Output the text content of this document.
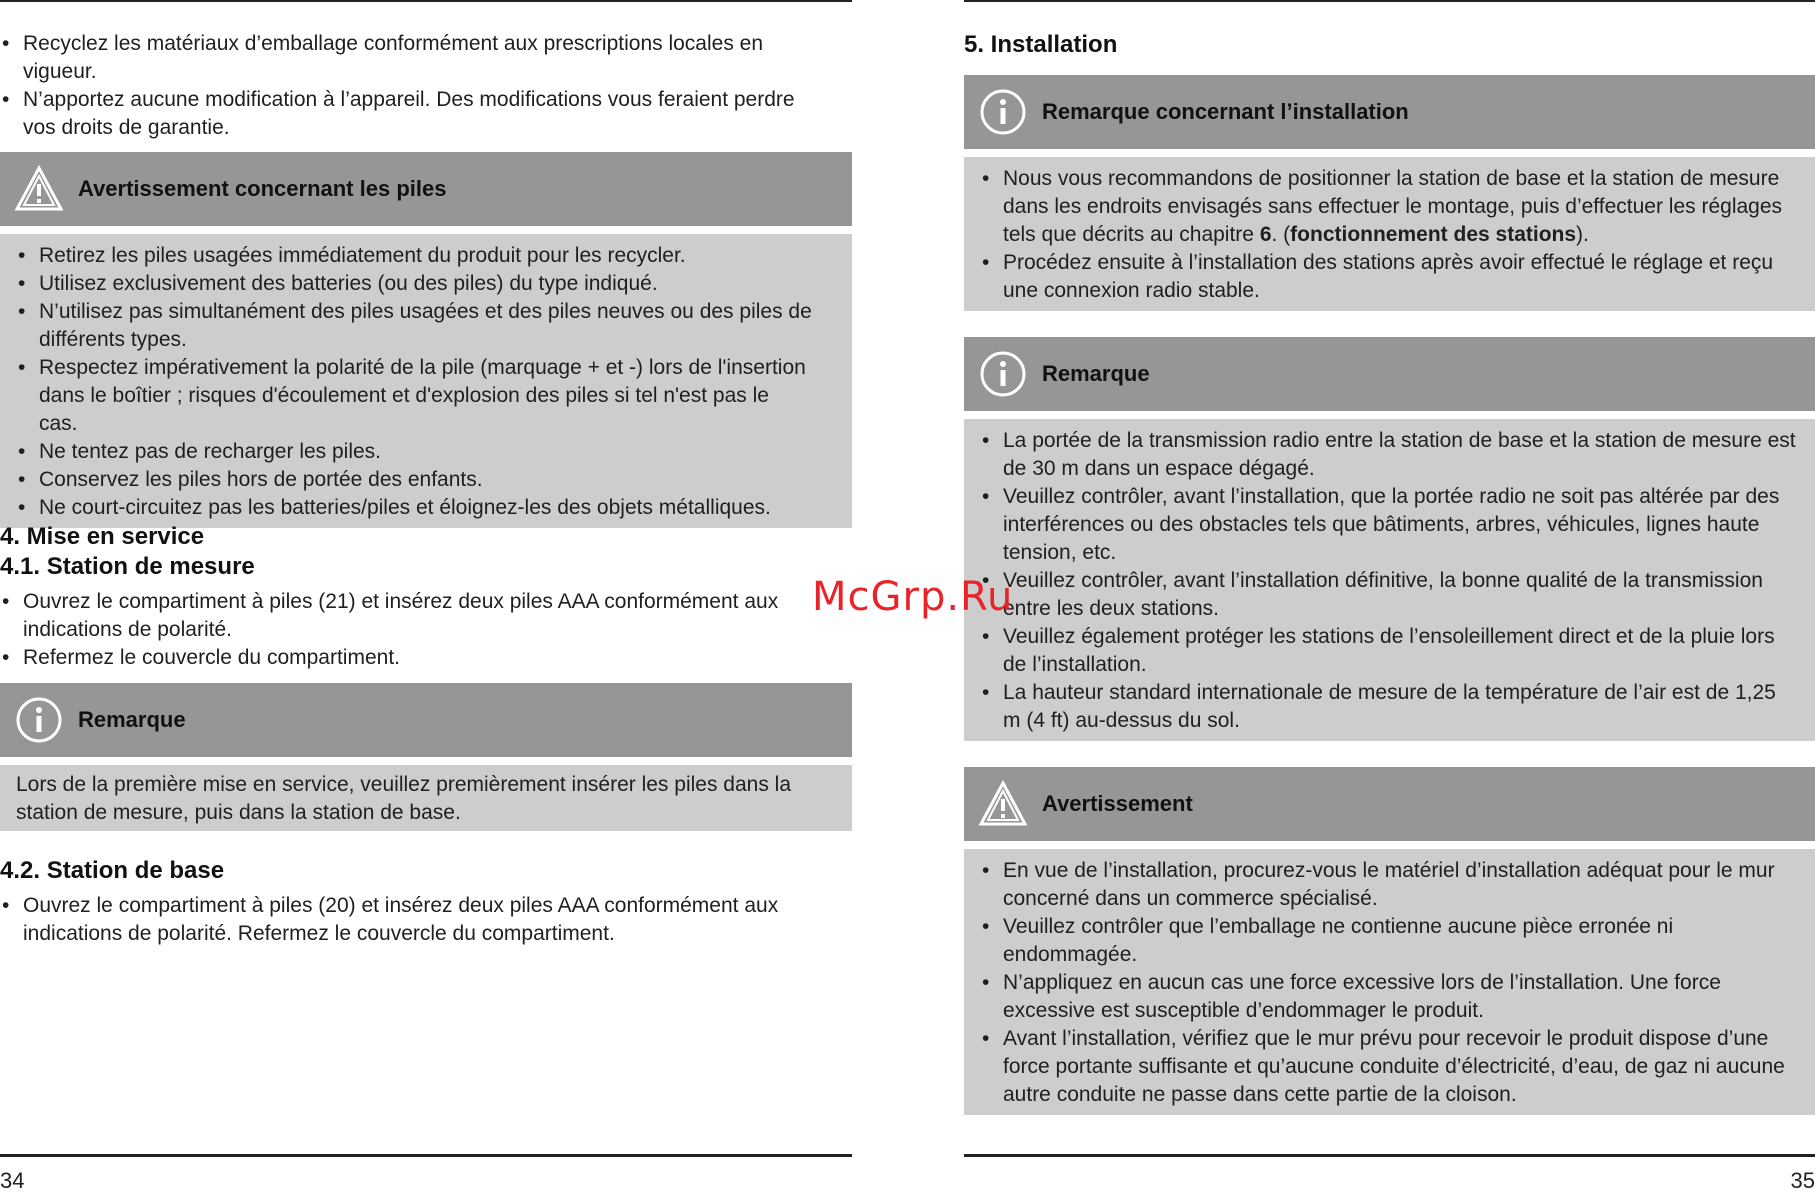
• Recyclez les matériaux d’emballage conformément aux prescriptions locales en vigueur.
• N’apportez aucune modification à l’appareil. Des modifications vous feraient perdre vos droits de garantie.
Avertissement concernant les piles
• Retirez les piles usagées immédiatement du produit pour les recycler.
• Utilisez exclusivement des batteries (ou des piles) du type indiqué.
• N’utilisez pas simultanément des piles usagées et des piles neuves ou des piles de différents types.
• Respectez impérativement la polarité de la pile (marquage + et -) lors de l'insertion dans le boîtier ; risques d'écoulement et d'explosion des piles si tel n'est pas le cas.
• Ne tentez pas de recharger les piles.
• Conservez les piles hors de portée des enfants.
• Ne court-circuitez pas les batteries/piles et éloignez-les des objets métalliques.
4. Mise en service
4.1. Station de mesure
• Ouvrez le compartiment à piles (21) et insérez deux piles AAA conformément aux indications de polarité.
• Refermez le couvercle du compartiment.
Remarque
Lors de la première mise en service, veuillez premièrement insérer les piles dans la station de mesure, puis dans la station de base.
4.2. Station de base
• Ouvrez le compartiment à piles (20) et insérez deux piles AAA conformément aux indications de polarité. Refermez le couvercle du compartiment.
34
5. Installation
Remarque concernant l’installation
• Nous vous recommandons de positionner la station de base et la station de mesure dans les endroits envisagés sans effectuer le montage, puis d’effectuer les réglages tels que décrits au chapitre 6. (fonctionnement des stations).
• Procédez ensuite à l’installation des stations après avoir effectué le réglage et reçu une connexion radio stable.
Remarque
• La portée de la transmission radio entre la station de base et la station de mesure est de 30 m dans un espace dégagé.
• Veuillez contrôler, avant l’installation, que la portée radio ne soit pas altérée par des interférences ou des obstacles tels que bâtiments, arbres, véhicules, lignes haute tension, etc.
• Veuillez contrôler, avant l’installation définitive, la bonne qualité de la transmission entre les deux stations.
• Veuillez également protéger les stations de l’ensoleillement direct et de la pluie lors de l’installation.
• La hauteur standard internationale de mesure de la température de l’air est de 1,25 m (4 ft) au-dessus du sol.
Avertissement
• En vue de l’installation, procurez-vous le matériel d’installation adéquat pour le mur concerné dans un commerce spécialisé.
• Veuillez contrôler que l’emballage ne contienne aucune pièce erronée ni endommagée.
• N’appliquez en aucun cas une force excessive lors de l’installation. Une force excessive est susceptible d’endommager le produit.
• Avant l’installation, vérifiez que le mur prévu pour recevoir le produit dispose d’une force portante suffisante et qu’aucune conduite d’électricité, d’eau, de gaz ni aucune autre conduite ne passe dans cette partie de la cloison.
35
McGrp.Ru
